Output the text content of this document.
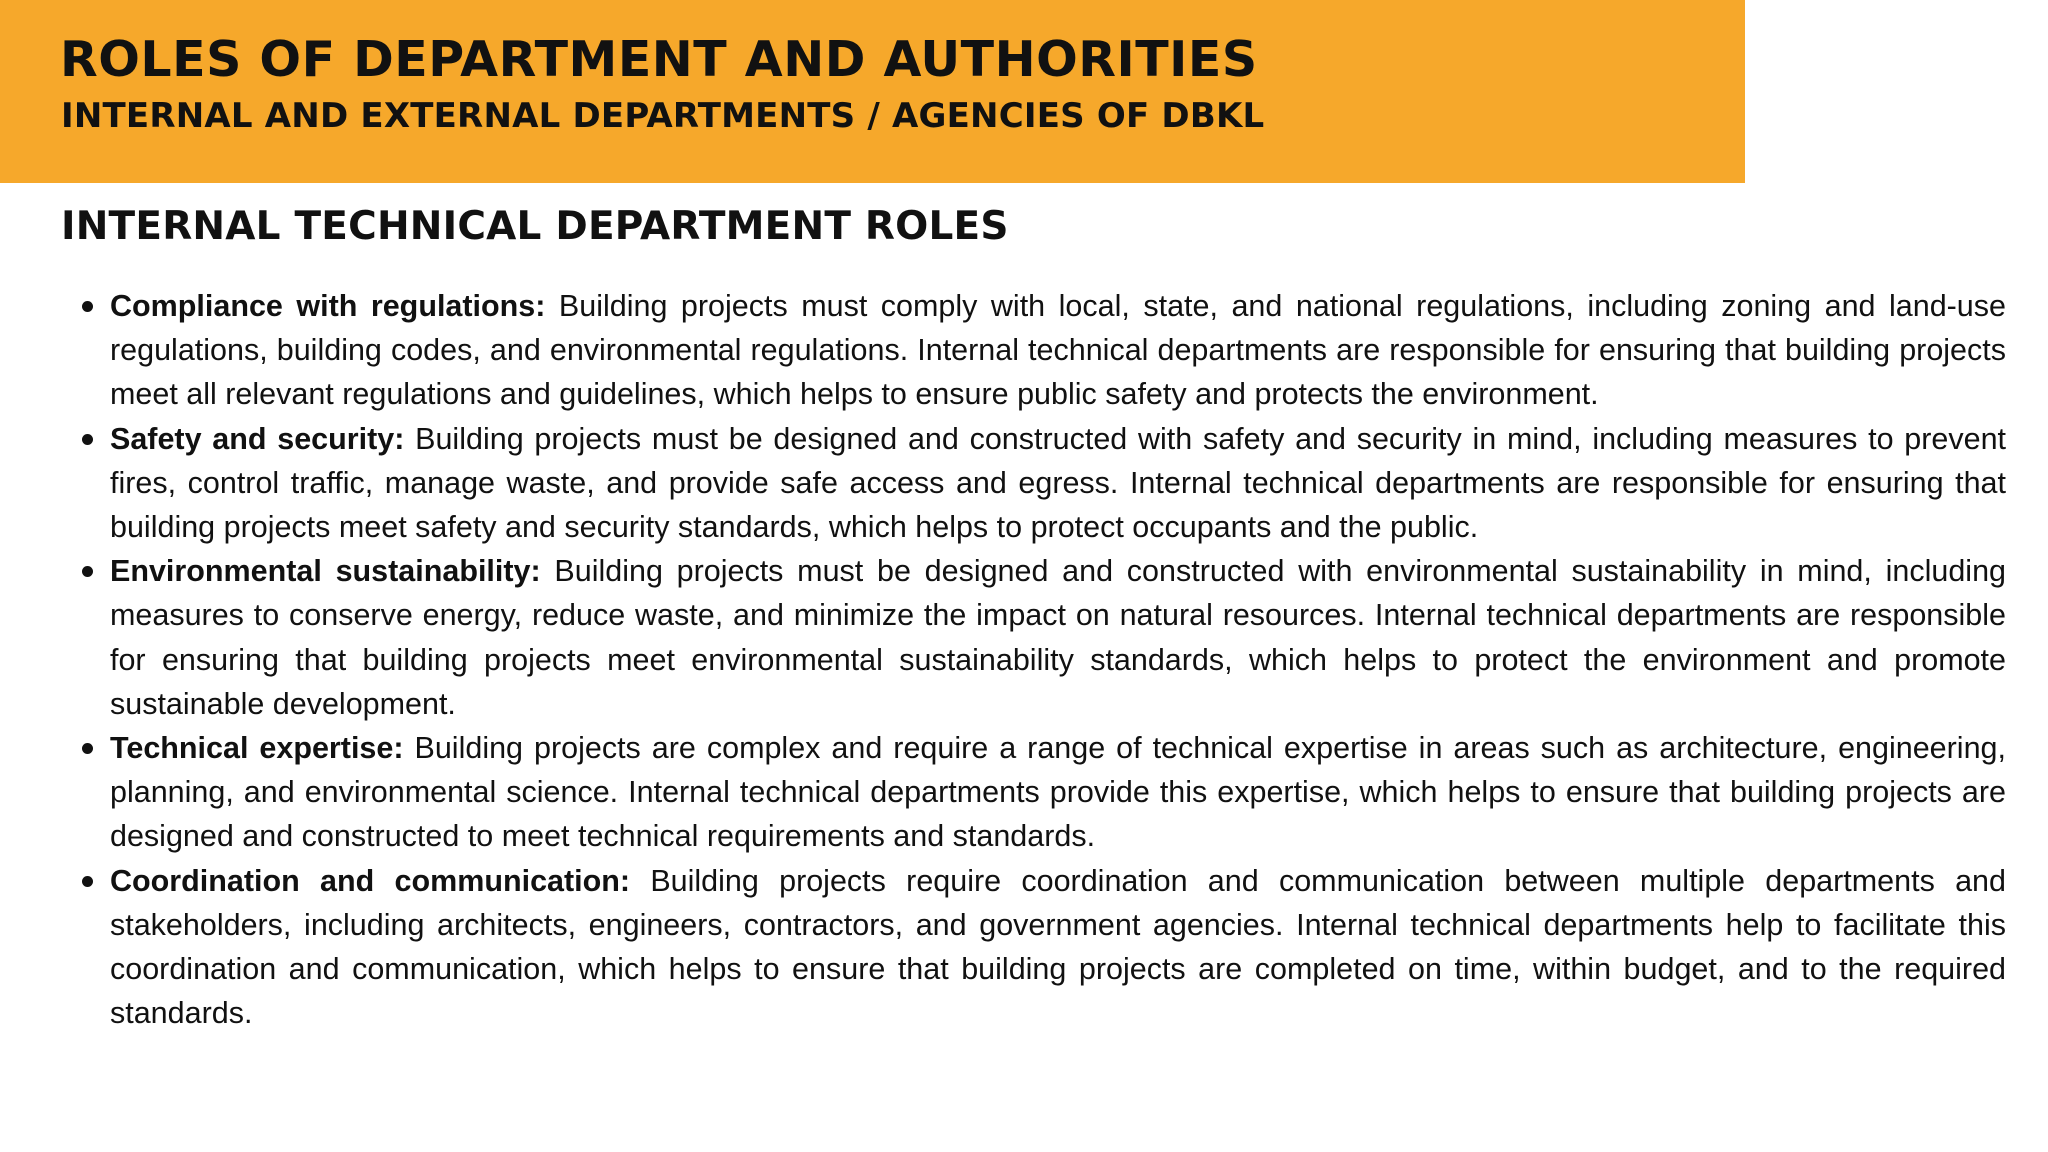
ROLES OF DEPARTMENT AND AUTHORITIES
INTERNAL AND EXTERNAL DEPARTMENTS / AGENCIES OF DBKL
INTERNAL TECHNICAL DEPARTMENT ROLES
Compliance with regulations: Building projects must comply with local, state, and national regulations, including zoning and land-use regulations, building codes, and environmental regulations. Internal technical departments are responsible for ensuring that building projects meet all relevant regulations and guidelines, which helps to ensure public safety and protects the environment.
Safety and security: Building projects must be designed and constructed with safety and security in mind, including measures to prevent fires, control traffic, manage waste, and provide safe access and egress. Internal technical departments are responsible for ensuring that building projects meet safety and security standards, which helps to protect occupants and the public.
Environmental sustainability: Building projects must be designed and constructed with environmental sustainability in mind, including measures to conserve energy, reduce waste, and minimize the impact on natural resources. Internal technical departments are responsible for ensuring that building projects meet environmental sustainability standards, which helps to protect the environment and promote sustainable development.
Technical expertise: Building projects are complex and require a range of technical expertise in areas such as architecture, engineering, planning, and environmental science. Internal technical departments provide this expertise, which helps to ensure that building projects are designed and constructed to meet technical requirements and standards.
Coordination and communication: Building projects require coordination and communication between multiple departments and stakeholders, including architects, engineers, contractors, and government agencies. Internal technical departments help to facilitate this coordination and communication, which helps to ensure that building projects are completed on time, within budget, and to the required standards.
